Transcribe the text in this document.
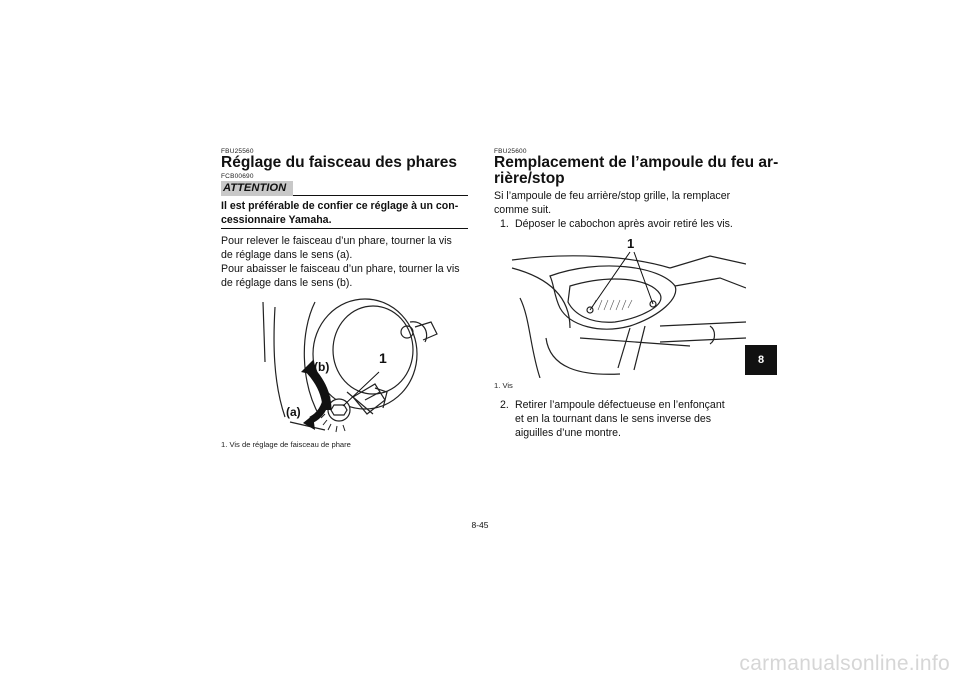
FBU25560
Réglage du faisceau des phares
FCB00690
ATTENTION
Il est préférable de confier ce réglage à un con-
cessionnaire Yamaha.
Pour relever le faisceau d’un phare, tourner la vis
de réglage dans le sens (a).
Pour abaisser le faisceau d’un phare, tourner la vis
de réglage dans le sens (b).
(b)
(a)
1
1. Vis de réglage de faisceau de phare
FBU25600
Remplacement de l’ampoule du feu ar-
rière/stop
Si l’ampoule de feu arrière/stop grille, la remplacer
comme suit.
1. Déposer le cabochon après avoir retiré les vis.
1
1. Vis
2. Retirer l’ampoule défectueuse en l’enfonçant
et en la tournant dans le sens inverse des
aiguilles d’une montre.
8
8-45
carmanualsonline.info
